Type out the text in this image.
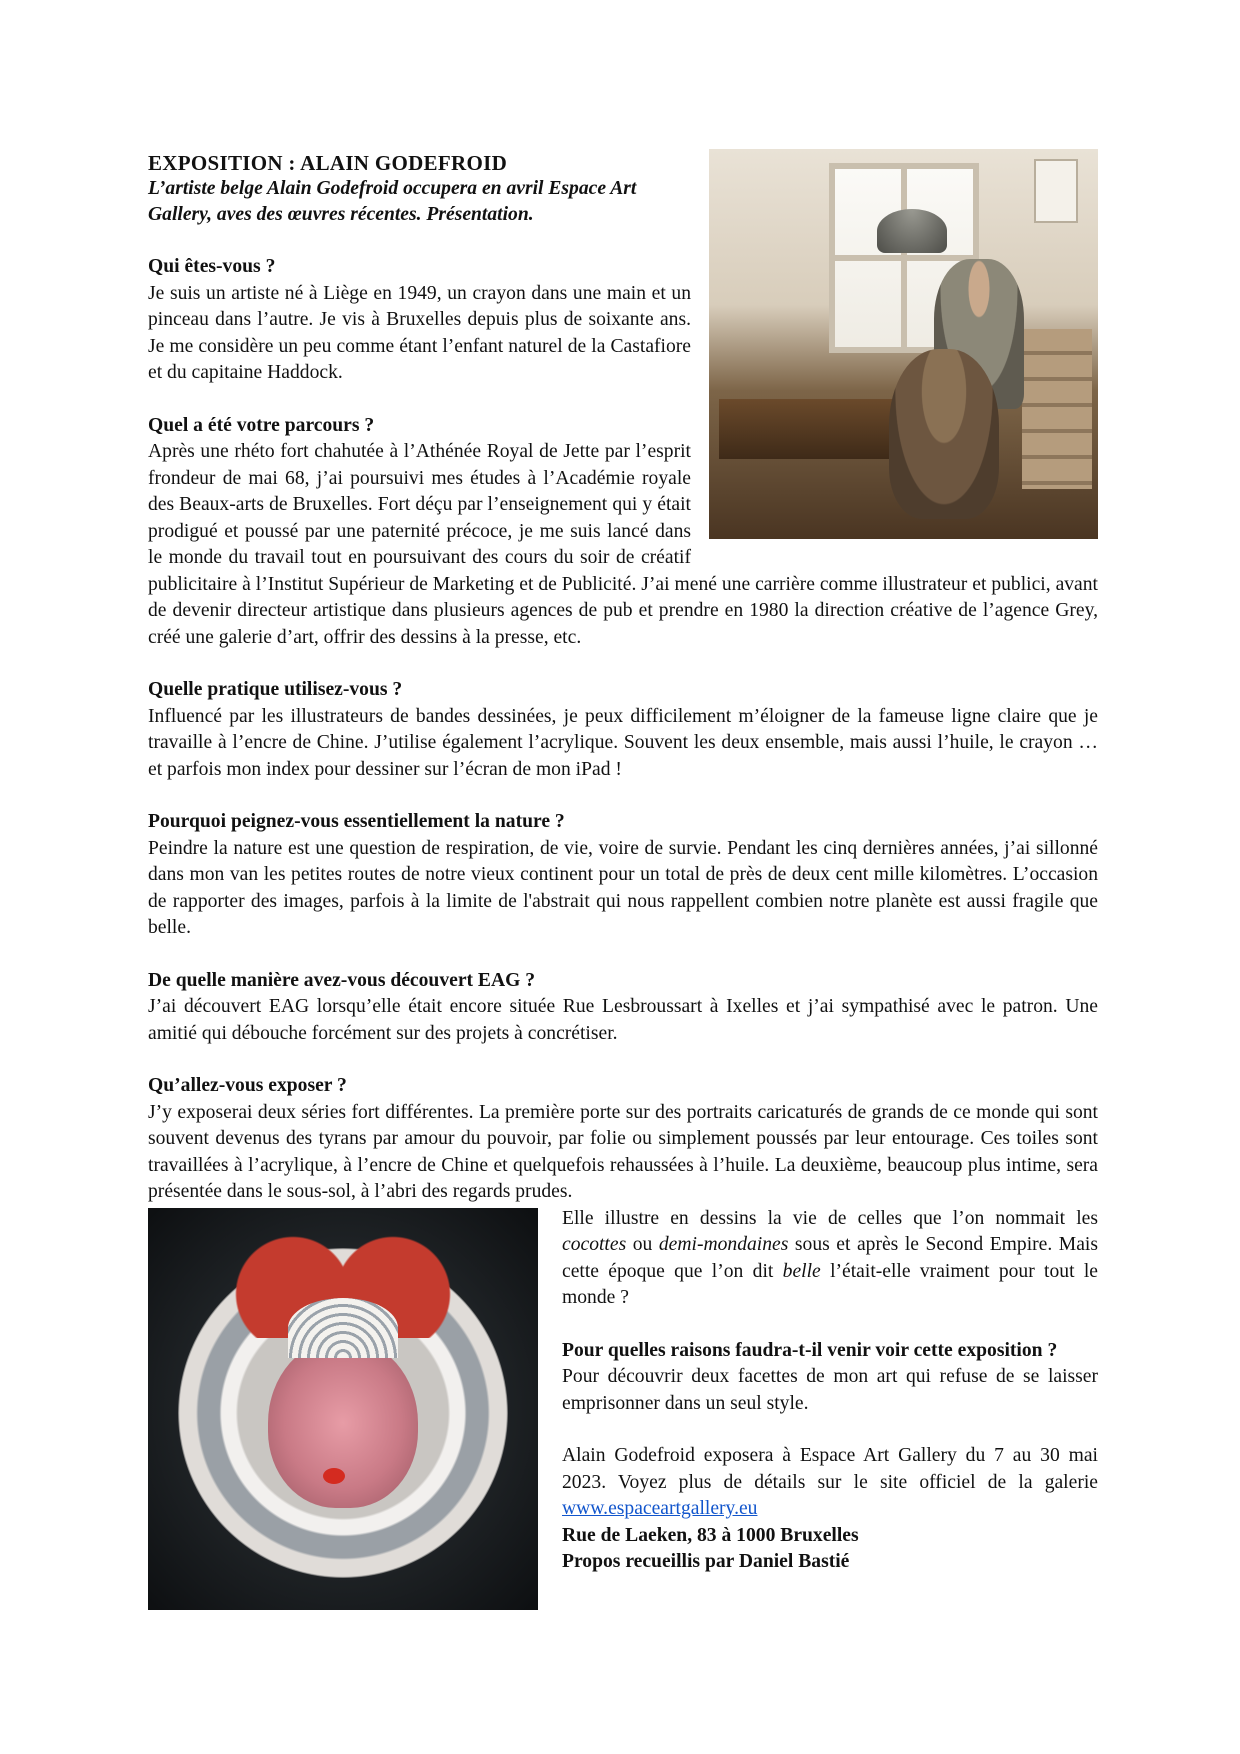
EXPOSITION : ALAIN GODEFROID

L’artiste belge Alain Godefroid occupera en avril Espace Art Gallery, aves des œuvres récentes. Présentation.

Qui êtes-vous ?

Je suis un artiste né à Liège en 1949, un crayon dans une main et un pinceau dans l’autre. Je vis à Bruxelles depuis plus de soixante ans. Je me considère un peu comme étant l’enfant naturel de la Castafiore et du capitaine Haddock.

Quel a été votre parcours ?

Après une rhéto fort chahutée à l’Athénée Royal de Jette par l’esprit frondeur de mai 68, j’ai poursuivi mes études à l’Académie royale des Beaux-arts de Bruxelles. Fort déçu par l’enseignement qui y était prodigué et poussé par une paternité précoce, je me suis lancé dans le monde du travail tout en poursuivant des cours du soir de créatif publicitaire à l’Institut Supérieur de Marketing et de Publicité. J’ai mené une carrière comme illustrateur et publici, avant de devenir directeur artistique dans plusieurs agences de pub et prendre en 1980 la direction créative de l’agence Grey, créé une galerie d’art, offrir des dessins à la presse, etc.

Quelle pratique utilisez-vous ?

Influencé par les illustrateurs de bandes dessinées, je peux difficilement m’éloigner de la fameuse ligne claire que je travaille à l’encre de Chine. J’utilise également l’acrylique. Souvent les deux ensemble, mais aussi l’huile, le crayon … et parfois mon index pour dessiner sur l’écran de mon iPad !

Pourquoi peignez-vous essentiellement la nature ?

Peindre la nature est une question de respiration, de vie, voire de survie. Pendant les cinq dernières années, j’ai sillonné dans mon van les petites routes de notre vieux continent pour un total de près de deux cent mille kilomètres. L’occasion de rapporter des images, parfois à la limite de l'abstrait qui nous rappellent combien notre planète est aussi fragile que belle.

De quelle manière avez-vous découvert EAG ?

J’ai découvert EAG lorsqu’elle était encore située Rue Lesbroussart à Ixelles et j’ai sympathisé avec le patron. Une amitié qui débouche forcément sur des projets à concrétiser.

Qu’allez-vous exposer ?

J’y exposerai deux séries fort différentes. La première porte sur des portraits caricaturés de grands de ce monde qui sont souvent devenus des tyrans par amour du pouvoir, par folie ou simplement poussés par leur entourage. Ces toiles sont travaillées à l’acrylique, à l’encre de Chine et quelquefois rehaussées à l’huile. La deuxième, beaucoup plus intime, sera présentée dans le sous-sol, à l’abri des regards prudes.

Elle illustre en dessins la vie de celles que l’on nommait les cocottes ou demi-mondaines sous et après le Second Empire. Mais cette époque que l’on dit belle l’était-elle vraiment pour tout le monde ?

Pour quelles raisons faudra-t-il venir voir cette exposition ?

Pour découvrir deux facettes de mon art qui refuse de se laisser emprisonner dans un seul style.

Alain Godefroid exposera à Espace Art Gallery du 7 au 30 mai 2023. Voyez plus de détails sur le site officiel de la galerie www.espaceartgallery.eu

Rue de Laeken, 83 à 1000 Bruxelles

Propos recueillis par Daniel Bastié
